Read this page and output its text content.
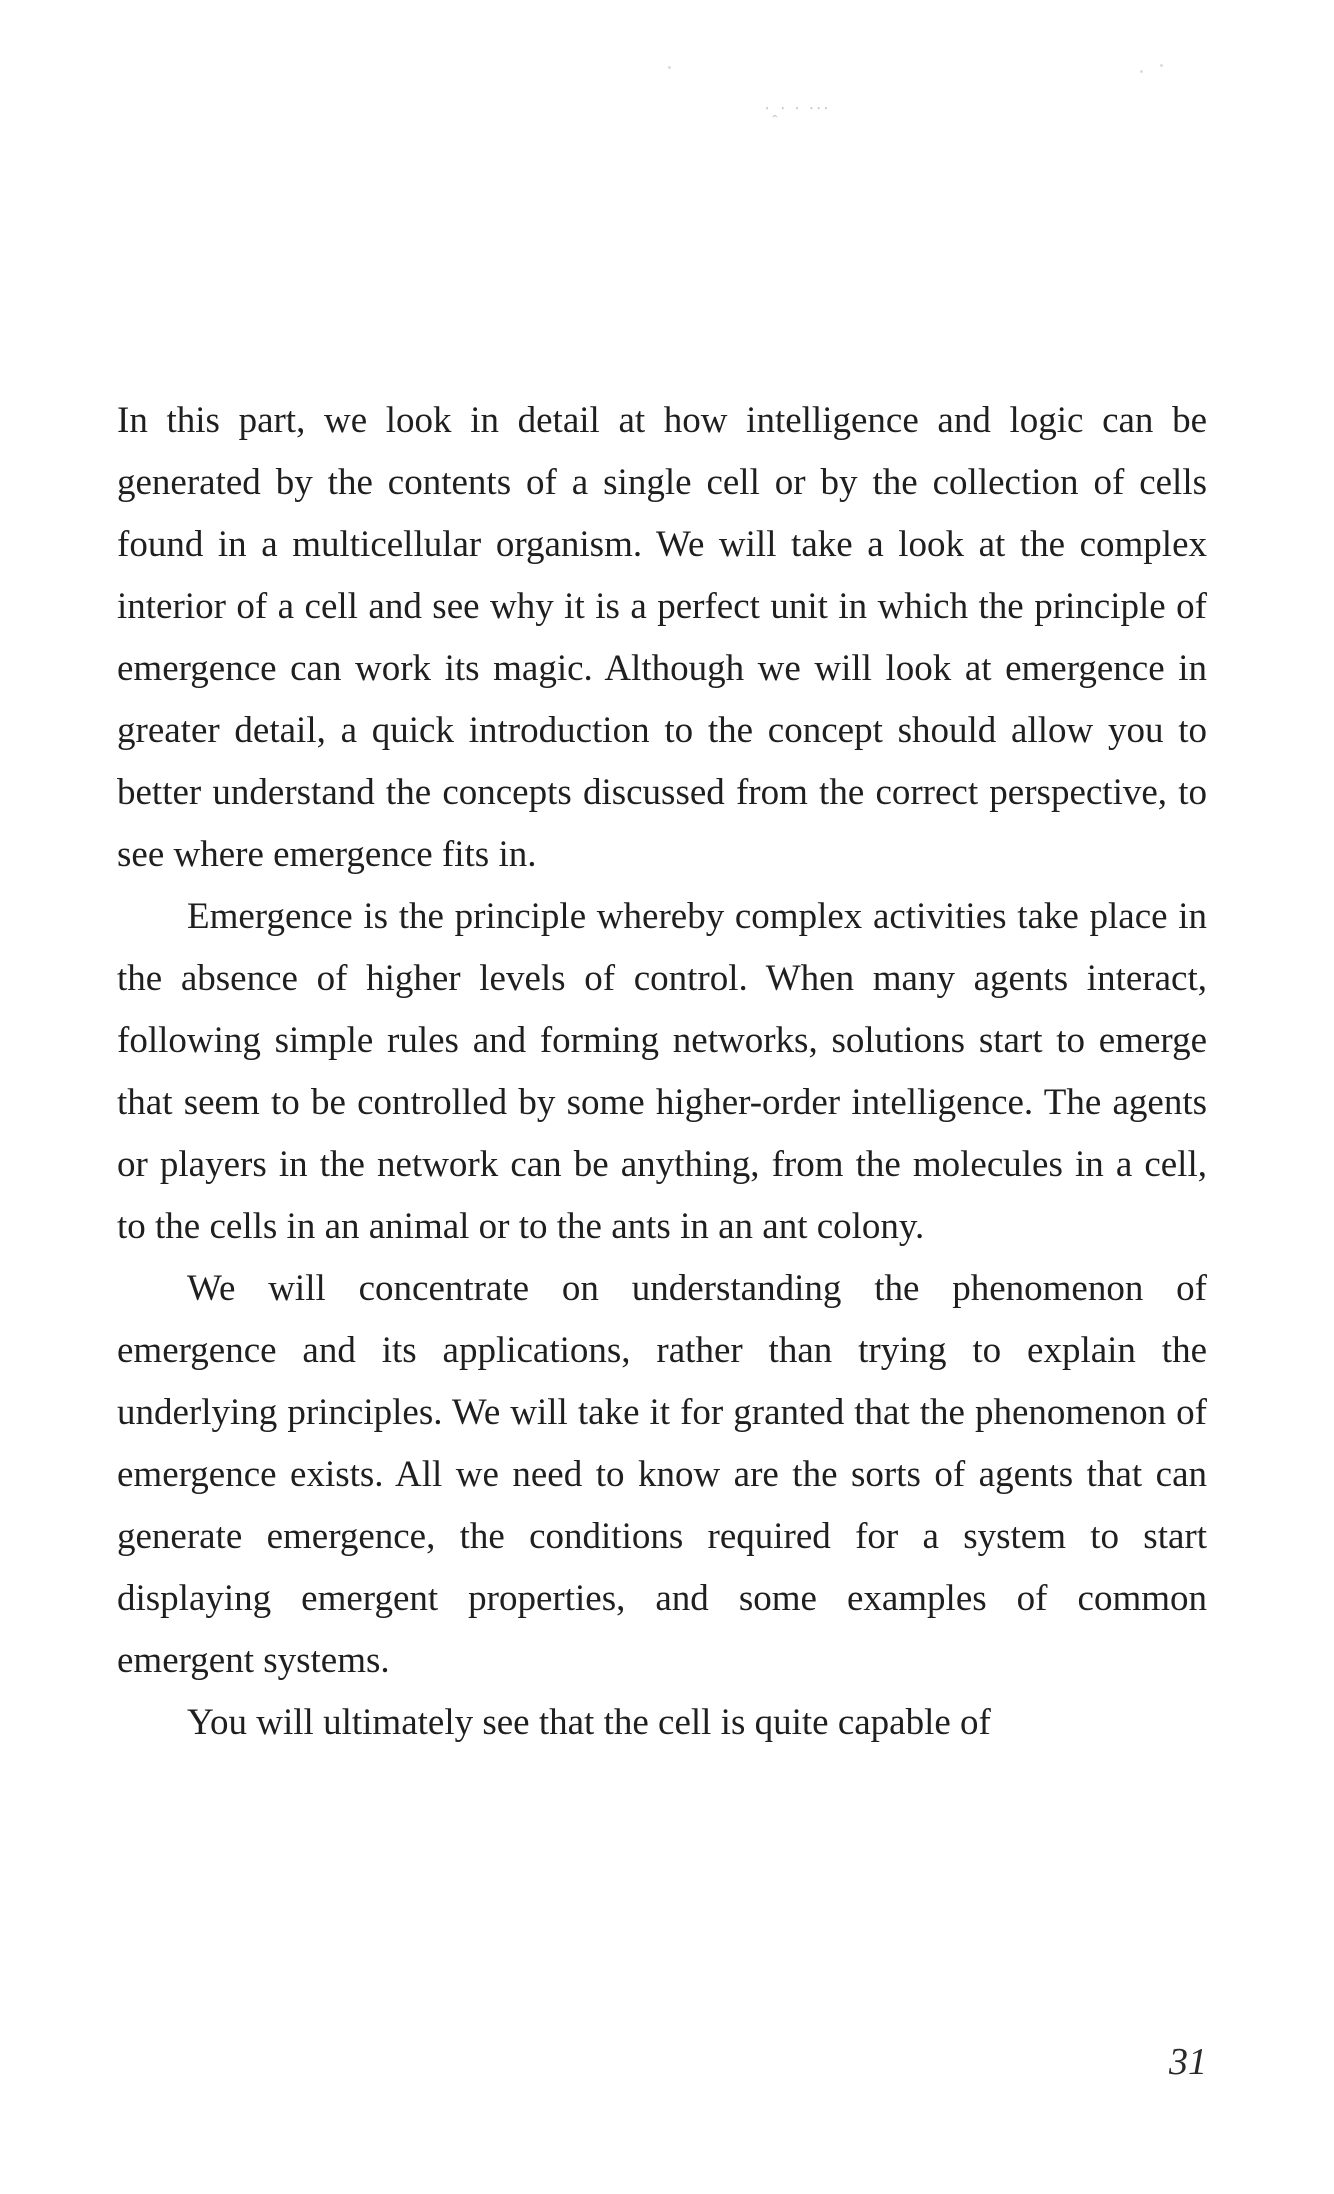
⸱ꞈ⸱ ⸱ ⸱⸱⸱

In this part, we look in detail at how intelligence and logic can be generated by the contents of a single cell or by the collection of cells found in a multicellular organism. We will take a look at the complex interior of a cell and see why it is a perfect unit in which the principle of emergence can work its magic. Although we will look at emergence in greater detail, a quick introduction to the concept should allow you to better understand the concepts discussed from the correct perspective, to see where emergence fits in.

Emergence is the principle whereby complex activities take place in the absence of higher levels of control. When many agents interact, following simple rules and forming networks, solutions start to emerge that seem to be controlled by some higher-order intelligence. The agents or players in the network can be anything, from the molecules in a cell, to the cells in an animal or to the ants in an ant colony.

We will concentrate on understanding the phenomenon of emergence and its applications, rather than trying to explain the underlying principles. We will take it for granted that the phenomenon of emergence exists. All we need to know are the sorts of agents that can generate emergence, the conditions required for a system to start displaying emergent properties, and some examples of common emergent systems.

You will ultimately see that the cell is quite capable of

31
